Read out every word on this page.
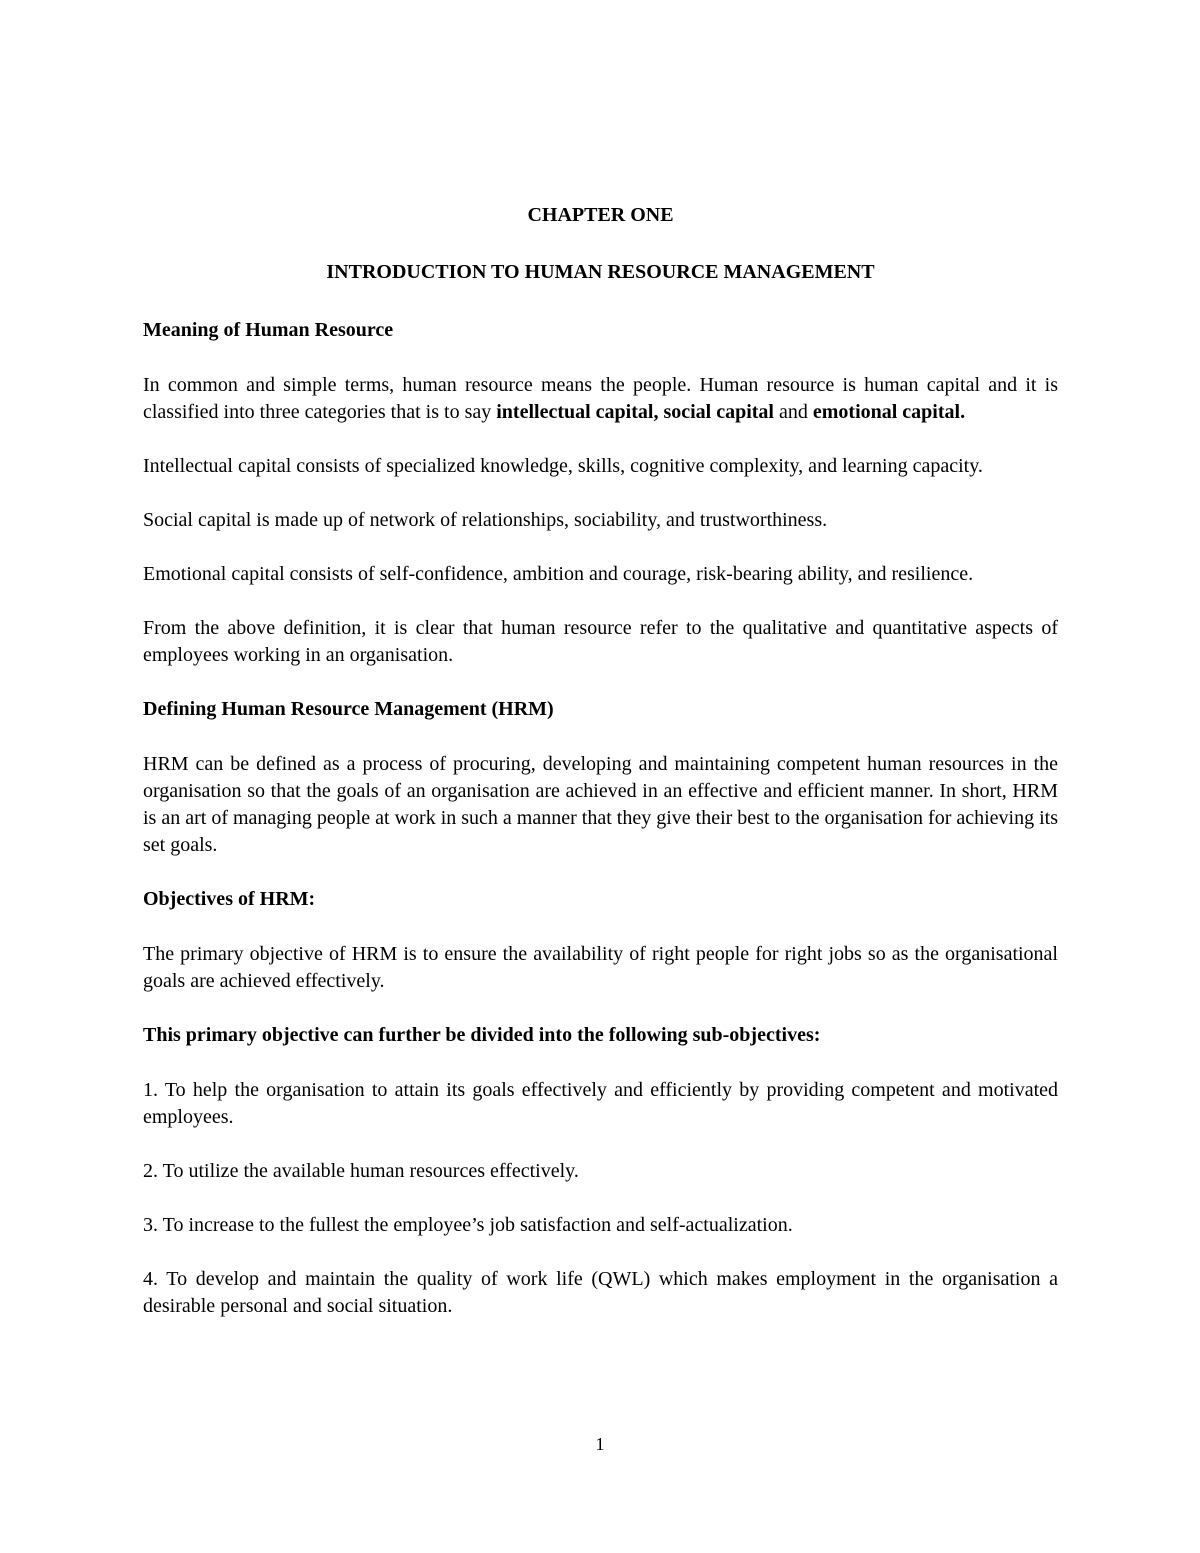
CHAPTER ONE
INTRODUCTION TO HUMAN RESOURCE MANAGEMENT
Meaning of Human Resource

In common and simple terms, human resource means the people. Human resource is human capital and it is classified into three categories that is to say intellectual capital, social capital and emotional capital.

Intellectual capital consists of specialized knowledge, skills, cognitive complexity, and learning capacity.

Social capital is made up of network of relationships, sociability, and trustworthiness.

Emotional capital consists of self-confidence, ambition and courage, risk-bearing ability, and resilience.

From the above definition, it is clear that human resource refer to the qualitative and quantitative aspects of employees working in an organisation.

Defining Human Resource Management (HRM)

HRM can be defined as a process of procuring, developing and maintaining competent human resources in the organisation so that the goals of an organisation are achieved in an effective and efficient manner. In short, HRM is an art of managing people at work in such a manner that they give their best to the organisation for achieving its set goals.

Objectives of HRM:

The primary objective of HRM is to ensure the availability of right people for right jobs so as the organisational goals are achieved effectively.

This primary objective can further be divided into the following sub-objectives:

1. To help the organisation to attain its goals effectively and efficiently by providing competent and motivated employees.

2. To utilize the available human resources effectively.

3. To increase to the fullest the employee’s job satisfaction and self-actualization.

4. To develop and maintain the quality of work life (QWL) which makes employment in the organisation a desirable personal and social situation.

1
